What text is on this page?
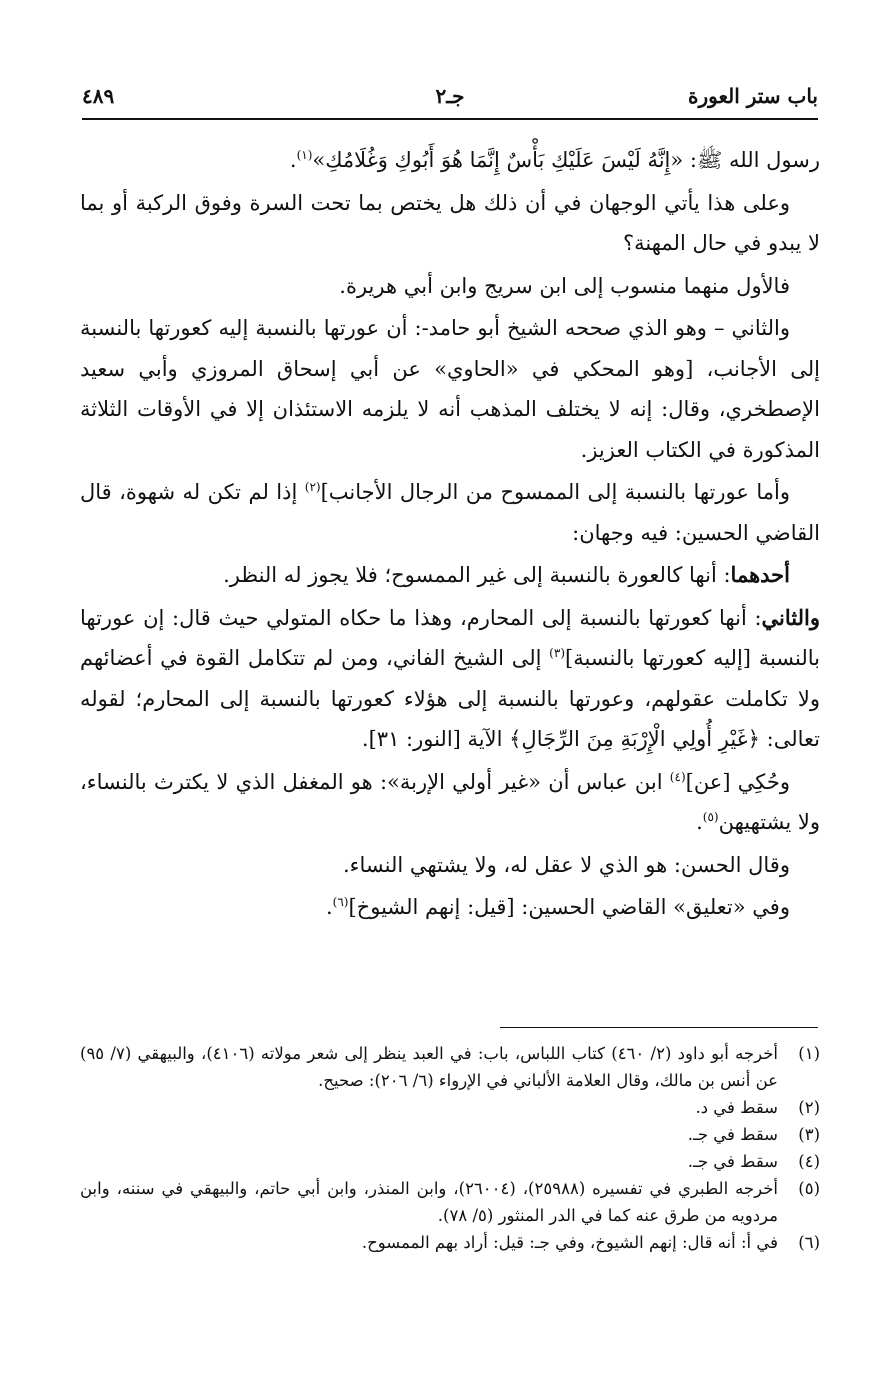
باب ستر العورة
جـ٢
٤٨٩

رسول الله ﷺ: «إِنَّهُ لَيْسَ عَلَيْكِ بَأْسٌ إِنَّمَا هُوَ أَبُوكِ وَغُلَامُكِ»$^{(١)}$.

وعلى هذا يأتي الوجهان في أن ذلك هل يختص بما تحت السرة وفوق الركبة أو بما لا يبدو في حال المهنة؟

فالأول منهما منسوب إلى ابن سريج وابن أبي هريرة.

والثاني – وهو الذي صححه الشيخ أبو حامد-: أن عورتها بالنسبة إليه كعورتها بالنسبة إلى الأجانب، [وهو المحكي في «الحاوي» عن أبي إسحاق المروزي وأبي سعيد الإصطخري، وقال: إنه لا يختلف المذهب أنه لا يلزمه الاستئذان إلا في الأوقات الثلاثة المذكورة في الكتاب العزيز.

وأما عورتها بالنسبة إلى الممسوح من الرجال الأجانب]$^{(٢)}$ إذا لم تكن له شهوة، قال القاضي الحسين: فيه وجهان:

أحدهما: أنها كالعورة بالنسبة إلى غير الممسوح؛ فلا يجوز له النظر.

والثاني: أنها كعورتها بالنسبة إلى المحارم، وهذا ما حكاه المتولي حيث قال: إن عورتها بالنسبة [إليه كعورتها بالنسبة]$^{(٣)}$ إلى الشيخ الفاني، ومن لم تتكامل القوة في أعضائهم ولا تكاملت عقولهم، وعورتها بالنسبة إلى هؤلاء كعورتها بالنسبة إلى المحارم؛ لقوله تعالى: ﴿غَيْرِ أُولِي الْإِرْبَةِ مِنَ الرِّجَالِ﴾ الآية [النور: ٣١].

وحُكِي [عن]$^{(٤)}$ ابن عباس أن «غير أولي الإربة»: هو المغفل الذي لا يكترث بالنساء، ولا يشتهيهن$^{(٥)}$.

وقال الحسن: هو الذي لا عقل له، ولا يشتهي النساء.

وفي «تعليق» القاضي الحسين: [قيل: إنهم الشيوخ]$^{(٦)}$.

(١)
أخرجه أبو داود (٢/ ٤٦٠) كتاب اللباس، باب: في العبد ينظر إلى شعر مولاته (٤١٠٦)، والبيهقي (٧/ ٩٥) عن أنس بن مالك، وقال العلامة الألباني في الإرواء (٦/ ٢٠٦): صحيح.
(٢)
سقط في د.
(٣)
سقط في جـ.
(٤)
سقط في جـ.
(٥)
أخرجه الطبري في تفسيره (٢٥٩٨٨)، (٢٦٠٠٤)، وابن المنذر، وابن أبي حاتم، والبيهقي في سننه، وابن مردويه من طرق عنه كما في الدر المنثور (٥/ ٧٨).
(٦)
في أ: أنه قال: إنهم الشيوخ، وفي جـ: قيل: أراد بهم الممسوح.
